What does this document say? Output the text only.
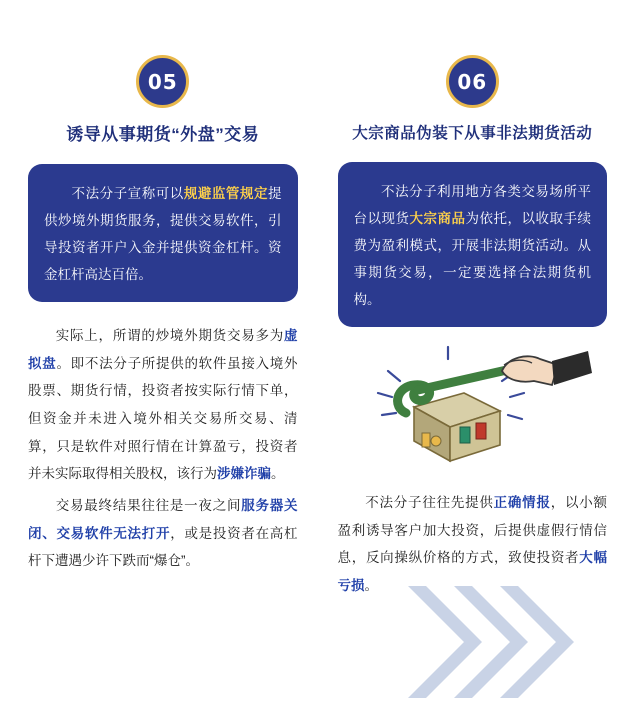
05
诱导从事期货“外盘”交易
不法分子宣称可以规避监管规定提供炒境外期货服务，提供交易软件，引导投资者开户入金并提供资金杠杆。资金杠杆高达百倍。

实际上，所谓的炒境外期货交易多为虚拟盘。即不法分子所提供的软件虽接入境外股票、期货行情，投资者按实际行情下单，但资金并未进入境外相关交易所交易、清算，只是软件对照行情在计算盈亏，投资者并未实际取得相关股权，该行为涉嫌诈骗。

交易最终结果往往是一夜之间服务器关闭、交易软件无法打开，或是投资者在高杠杆下遭遇少许下跌而“爆仓”。

06
大宗商品伪装下从事非法期货活动
不法分子利用地方各类交易场所平台以现货大宗商品为依托，以收取手续费为盈利模式，开展非法期货活动。从事期货交易，一定要选择合法期货机构。

不法分子往往先提供正确情报，以小额盈利诱导客户加大投资，后提供虚假行情信息，反向操纵价格的方式，致使投资者大幅亏损。
